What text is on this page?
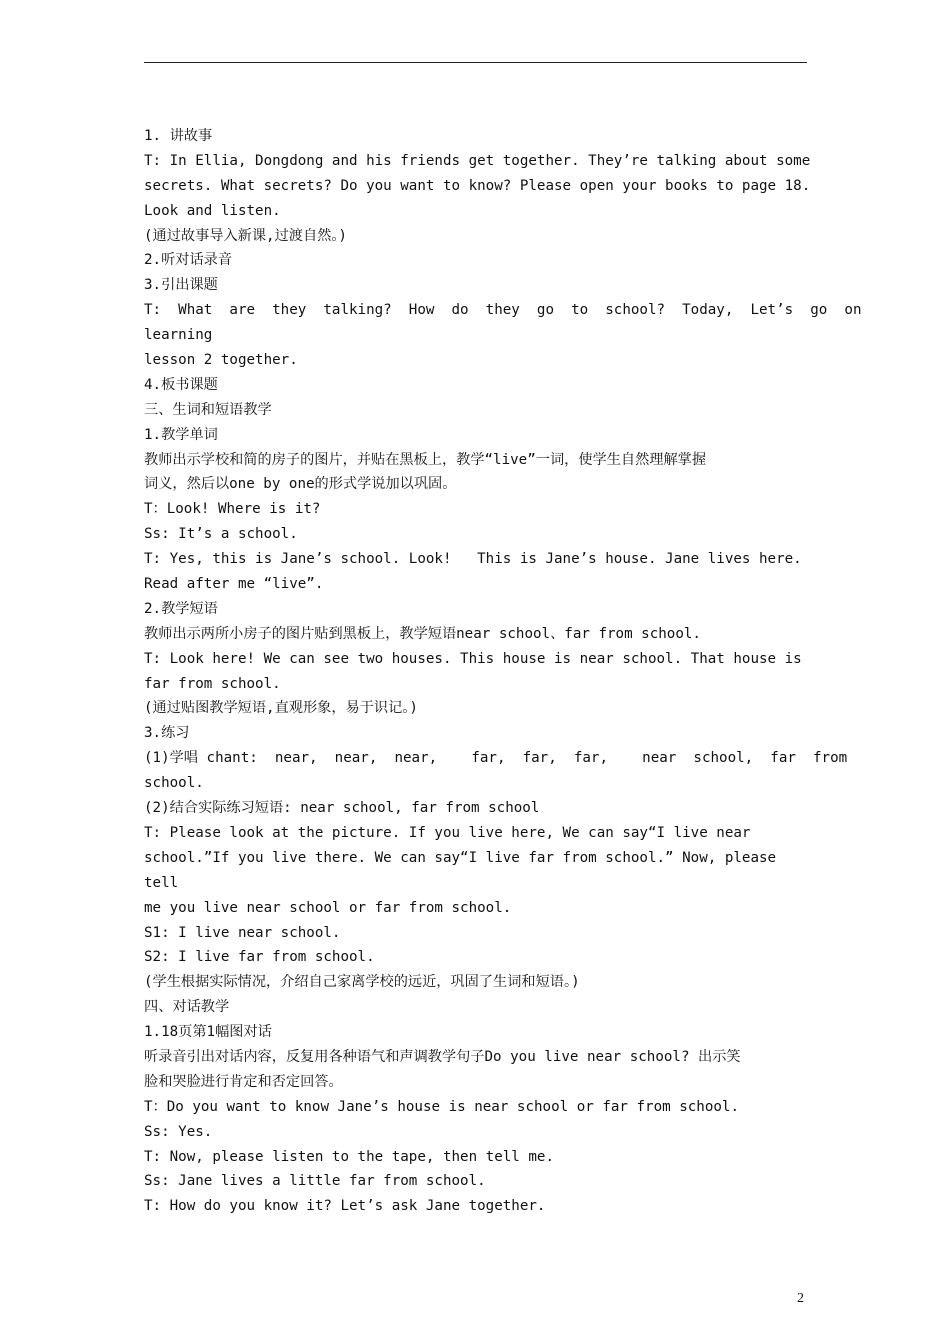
1. 讲故事
T: In Ellia, Dongdong and his friends get together. They’re talking about some
secrets. What secrets? Do you want to know? Please open your books to page 18.
Look and listen.
(通过故事导入新课,过渡自然。)
2.听对话录音
3.引出课题
T:  What  are  they  talking?  How  do  they  go  to  school?  Today,  Let’s  go  on
learning
lesson 2 together.
4.板书课题
三、生词和短语教学
1.教学单词
教师出示学校和简的房子的图片，并贴在黑板上，教学“live”一词，使学生自然理解掌握
词义，然后以one by one的形式学说加以巩固。
T：Look! Where is it?
Ss: It’s a school.
T: Yes, this is Jane’s school. Look!   This is Jane’s house. Jane lives here.
Read after me “live”.
2.教学短语
教师出示两所小房子的图片贴到黑板上，教学短语near school、far from school.
T: Look here! We can see two houses. This house is near school. That house is
far from school.
(通过贴图教学短语,直观形象，易于识记。)
3.练习
(1)学唱 chant:  near,  near,  near,    far,  far,  far,    near  school,  far  from
school.
(2)结合实际练习短语: near school, far from school
T: Please look at the picture. If you live here, We can say“I live near
school.”If you live there. We can say“I live far from school.” Now, please
tell
me you live near school or far from school.
S1: I live near school.
S2: I live far from school.
(学生根据实际情况，介绍自己家离学校的远近，巩固了生词和短语。)
四、对话教学
1.18页第1幅图对话
听录音引出对话内容，反复用各种语气和声调教学句子Do you live near school? 出示笑
脸和哭脸进行肯定和否定回答。
T：Do you want to know Jane’s house is near school or far from school.
Ss: Yes.
T: Now, please listen to the tape, then tell me.
Ss: Jane lives a little far from school.
T: How do you know it? Let’s ask Jane together.
2
